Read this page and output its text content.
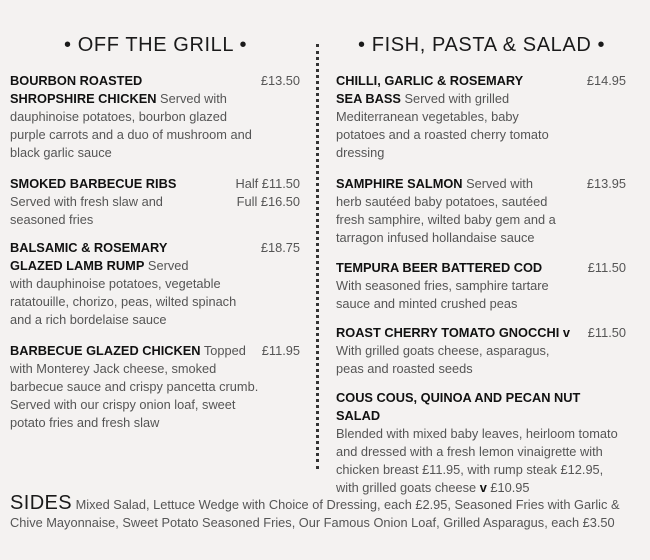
• OFF THE GRILL •	• FISH, PASTA & SALAD •
£13.50
BOURBON ROASTED
SHROPSHIRE CHICKEN Served with
dauphinoise potatoes, bourbon glazed purple carrots and a duo of mushroom and black garlic sauce
Half £11.50
Full £16.50
SMOKED BARBECUE RIBS
Served with fresh slaw and seasoned fries
£18.75
BALSAMIC & ROSEMARY
GLAZED LAMB RUMP Served
with dauphinoise potatoes, vegetable ratatouille, chorizo, peas, wilted spinach and a rich bordelaise sauce
£11.95
BARBECUE GLAZED CHICKEN Topped
with Monterey Jack cheese, smoked barbecue sauce and crispy pancetta crumb. Served with our crispy onion loaf, sweet potato fries and fresh slaw
£14.95
CHILLI, GARLIC & ROSEMARY
SEA BASS Served with grilled
Mediterranean vegetables, baby potatoes and a roasted cherry tomato dressing
£13.95
SAMPHIRE SALMON Served with
herb sautéed baby potatoes, sautéed fresh samphire, wilted baby gem and a tarragon infused hollandaise sauce
£11.50
TEMPURA BEER BATTERED COD
With seasoned fries, samphire tartare sauce and minted crushed peas
£11.50
ROAST CHERRY TOMATO GNOCCHI v
With grilled goats cheese, asparagus, peas and roasted seeds
COUS COUS, QUINOA AND PECAN NUT SALAD
Blended with mixed baby leaves, heirloom tomato and dressed with a fresh lemon vinaigrette with chicken breast £11.95, with rump steak £12.95, with grilled goats cheese v £10.95
SIDES Mixed Salad, Lettuce Wedge with Choice of Dressing, each £2.95, Seasoned Fries with Garlic & Chive Mayonnaise, Sweet Potato Seasoned Fries, Our Famous Onion Loaf, Grilled Asparagus, each £3.50
